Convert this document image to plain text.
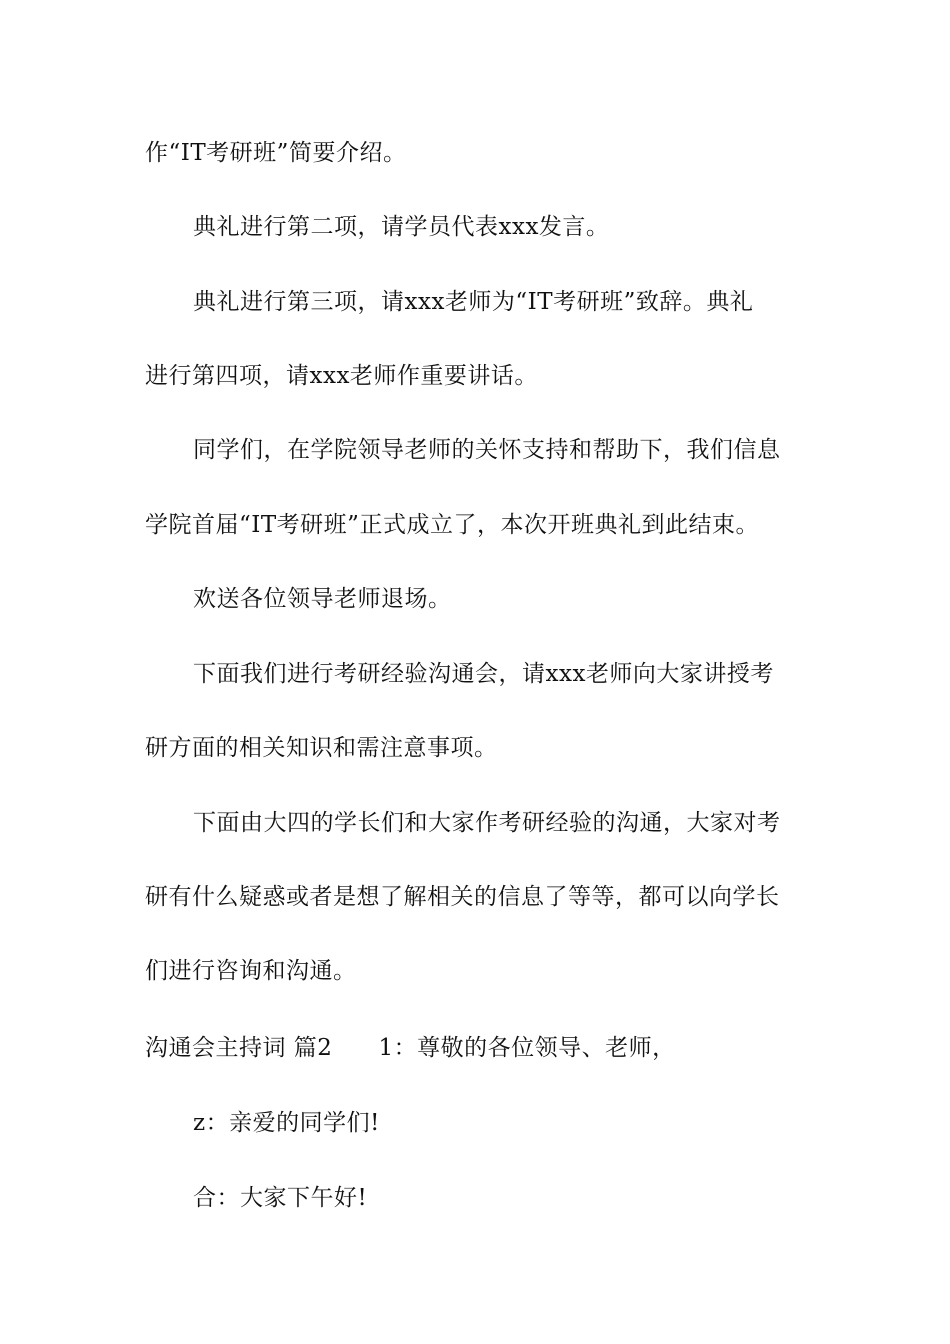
作“IT考研班”简要介绍。
典礼进行第二项，请学员代表xxx发言。
典礼进行第三项，请xxx老师为“IT考研班”致辞。典礼
进行第四项，请xxx老师作重要讲话。
同学们，在学院领导老师的关怀支持和帮助下，我们信息
学院首届“IT考研班”正式成立了，本次开班典礼到此结束。
欢送各位领导老师退场。
下面我们进行考研经验沟通会，请xxx老师向大家讲授考
研方面的相关知识和需注意事项。
下面由大四的学长们和大家作考研经验的沟通，大家对考
研有什么疑惑或者是想了解相关的信息了等等，都可以向学长
们进行咨询和沟通。
沟通会主持词 篇2 1：尊敬的各位领导、老师，
z：亲爱的同学们!
合：大家下午好!
